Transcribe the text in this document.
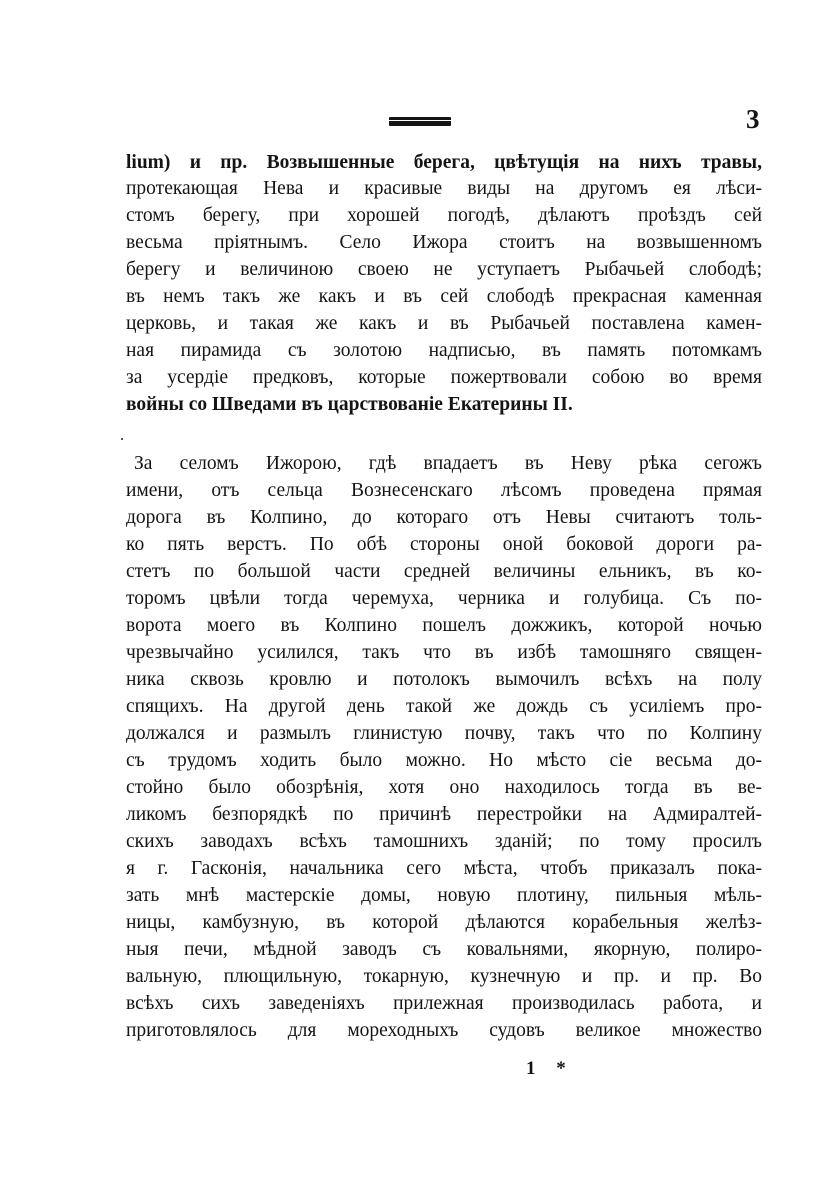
3
lium) и пр. Возвышенные берега, цвѣтущія на нихъ травы,
протекающая Нева и красивые виды на другомъ ея лѣси-
стомъ берегу, при хорошей погодѣ, дѣлаютъ проѣздъ сей
весьма пріятнымъ. Село Ижора стоитъ на возвышенномъ
берегу и величиною своею не уступаетъ Рыбачьей слободѣ;
въ немъ такъ же какъ и въ сей слободѣ прекрасная каменная
церковь, и такая же какъ и въ Рыбачьей поставлена камен-
ная пирамида съ золотою надписью, въ память потомкамъ
за усердіе предковъ, которые пожертвовали собою во время
войны со Шведами въ царствованіе Екатерины II.
За селомъ Ижорою, гдѣ впадаетъ въ Неву рѣка сегожъ
имени, отъ сельца Вознесенскаго лѣсомъ проведена прямая
дорога въ Колпино, до котораго отъ Невы считаютъ толь-
ко пять верстъ. По обѣ стороны оной боковой дороги ра-
стетъ по большой части средней величины ельникъ, въ ко-
торомъ цвѣли тогда черемуха, черника и голубица. Съ по-
ворота моего въ Колпино пошелъ дожжикъ, которой ночью
чрезвычайно усилился, такъ что въ избѣ тамошняго священ-
ника сквозь кровлю и потолокъ вымочилъ всѣхъ на полу
спящихъ. На другой день такой же дождь съ усиліемъ про-
должался и размылъ глинистую почву, такъ что по Колпину
съ трудомъ ходить было можно. Но мѣсто сіе весьма до-
стойно было обозрѣнія, хотя оно находилось тогда въ ве-
ликомъ безпорядкѣ по причинѣ перестройки на Адмиралтей-
скихъ заводахъ всѣхъ тамошнихъ зданій; по тому просилъ
я г. Гасконія, начальника сего мѣста, чтобъ приказалъ пока-
зать мнѣ мастерскіе домы, новую плотину, пильныя мѣль-
ницы, камбузную, въ которой дѣлаются корабельныя желѣз-
ныя печи, мѣдной заводъ съ ковальнями, якорную, полиро-
вальную, плющильную, токарную, кузнечную и пр. и пр. Во
всѣхъ сихъ заведеніяхъ прилежная производилась работа, и
приготовлялось для мореходныхъ судовъ великое множество
1 *
